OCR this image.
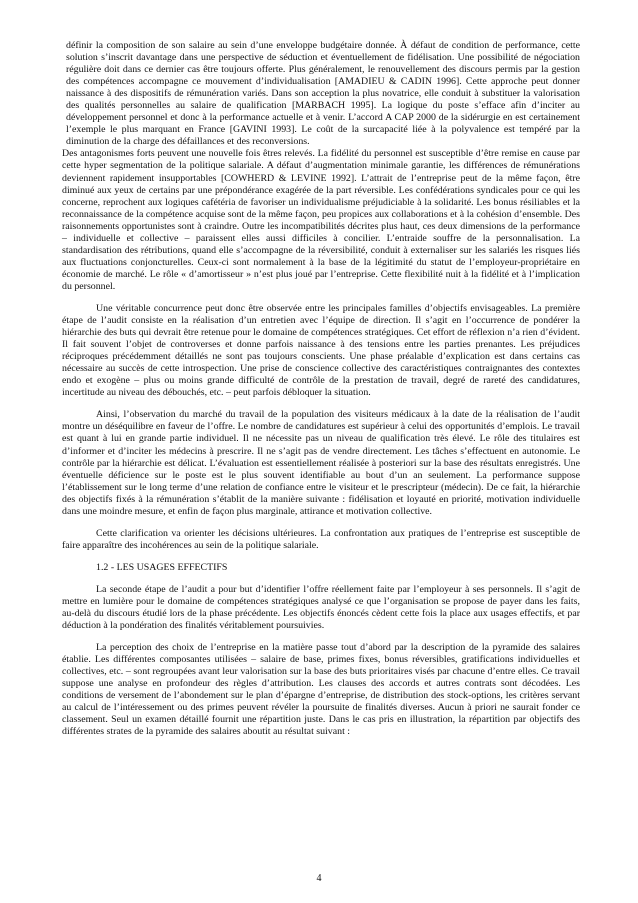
définir la composition de son salaire au sein d’une enveloppe budgétaire donnée. À défaut de condition de performance, cette solution s’inscrit davantage dans une perspective de séduction et éventuellement de fidélisation. Une possibilité de négociation régulière doit dans ce dernier cas être toujours offerte. Plus généralement, le renouvellement des discours permis par la gestion des compétences accompagne ce mouvement d’individualisation [AMADIEU & CADIN 1996]. Cette approche peut donner naissance à des dispositifs de rémunération variés. Dans son acception la plus novatrice, elle conduit à substituer la valorisation des qualités personnelles au salaire de qualification [MARBACH 1995]. La logique du poste s’efface afin d’inciter au développement personnel et donc à la performance actuelle et à venir. L’accord A CAP 2000 de la sidérurgie en est certainement l’exemple le plus marquant en France [GAVINI 1993]. Le coût de la surcapacité liée à la polyvalence est tempéré par la diminution de la charge des défaillances et des reconversions.

Des antagonismes forts peuvent une nouvelle fois êtres relevés. La fidélité du personnel est susceptible d’être remise en cause par cette hyper segmentation de la politique salariale. A défaut d’augmentation minimale garantie, les différences de rémunérations deviennent rapidement insupportables [COWHERD & LEVINE 1992]. L’attrait de l’entreprise peut de la même façon, être diminué aux yeux de certains par une prépondérance exagérée de la part réversible. Les confédérations syndicales pour ce qui les concerne, reprochent aux logiques cafétéria de favoriser un individualisme préjudiciable à la solidarité. Les bonus résiliables et la reconnaissance de la compétence acquise sont de la même façon, peu propices aux collaborations et à la cohésion d’ensemble. Des raisonnements opportunistes sont à craindre. Outre les incompatibilités décrites plus haut, ces deux dimensions de la performance – individuelle et collective – paraissent elles aussi difficiles à concilier. L’entraide souffre de la personnalisation. La standardisation des rétributions, quand elle s’accompagne de la réversibilité, conduit à externaliser sur les salariés les risques liés aux fluctuations conjoncturelles. Ceux-ci sont normalement à la base de la légitimité du statut de l’employeur-propriétaire en économie de marché. Le rôle « d’amortisseur » n’est plus joué par l’entreprise. Cette flexibilité nuit à la fidélité et à l’implication du personnel.

Une véritable concurrence peut donc être observée entre les principales familles d’objectifs envisageables. La première étape de l’audit consiste en la réalisation d’un entretien avec l’équipe de direction. Il s’agit en l’occurrence de pondérer la hiérarchie des buts qui devrait être retenue pour le domaine de compétences stratégiques. Cet effort de réflexion n’a rien d’évident. Il fait souvent l’objet de controverses et donne parfois naissance à des tensions entre les parties prenantes. Les préjudices réciproques précédemment détaillés ne sont pas toujours conscients. Une phase préalable d’explication est dans certains cas nécessaire au succès de cette introspection. Une prise de conscience collective des caractéristiques contraignantes des contextes endo et exogène – plus ou moins grande difficulté de contrôle de la prestation de travail, degré de rareté des candidatures, incertitude au niveau des débouchés, etc. – peut parfois débloquer la situation.

Ainsi, l’observation du marché du travail de la population des visiteurs médicaux à la date de la réalisation de l’audit montre un déséquilibre en faveur de l’offre. Le nombre de candidatures est supérieur à celui des opportunités d’emplois. Le travail est quant à lui en grande partie individuel. Il ne nécessite pas un niveau de qualification très élevé. Le rôle des titulaires est d’informer et d’inciter les médecins à prescrire. Il ne s’agit pas de vendre directement. Les tâches s’effectuent en autonomie. Le contrôle par la hiérarchie est délicat. L’évaluation est essentiellement réalisée à posteriori sur la base des résultats enregistrés. Une éventuelle déficience sur le poste est le plus souvent identifiable au bout d’un an seulement. La performance suppose l’établissement sur le long terme d’une relation de confiance entre le visiteur et le prescripteur (médecin). De ce fait, la hiérarchie des objectifs fixés à la rémunération s’établit de la manière suivante : fidélisation et loyauté en priorité, motivation individuelle dans une moindre mesure, et enfin de façon plus marginale, attirance et motivation collective.

Cette clarification va orienter les décisions ultérieures. La confrontation aux pratiques de l’entreprise est susceptible de faire apparaître des incohérences au sein de la politique salariale.

1.2 - LES USAGES EFFECTIFS

La seconde étape de l’audit a pour but d’identifier l’offre réellement faite par l’employeur à ses personnels. Il s’agit de mettre en lumière pour le domaine de compétences stratégiques analysé ce que l’organisation se propose de payer dans les faits, au-delà du discours étudié lors de la phase précédente. Les objectifs énoncés cèdent cette fois la place aux usages effectifs, et par déduction à la pondération des finalités véritablement poursuivies.

La perception des choix de l’entreprise en la matière passe tout d’abord par la description de la pyramide des salaires établie. Les différentes composantes utilisées – salaire de base, primes fixes, bonus réversibles, gratifications individuelles et collectives, etc. – sont regroupées avant leur valorisation sur la base des buts prioritaires visés par chacune d’entre elles. Ce travail suppose une analyse en profondeur des règles d’attribution. Les clauses des accords et autres contrats sont décodées. Les conditions de versement de l’abondement sur le plan d’épargne d’entreprise, de distribution des stock-options, les critères servant au calcul de l’intéressement ou des primes peuvent révéler la poursuite de finalités diverses. Aucun à priori ne saurait fonder ce classement. Seul un examen détaillé fournit une répartition juste. Dans le cas pris en illustration, la répartition par objectifs des différentes strates de la pyramide des salaires aboutit au résultat suivant :

4
